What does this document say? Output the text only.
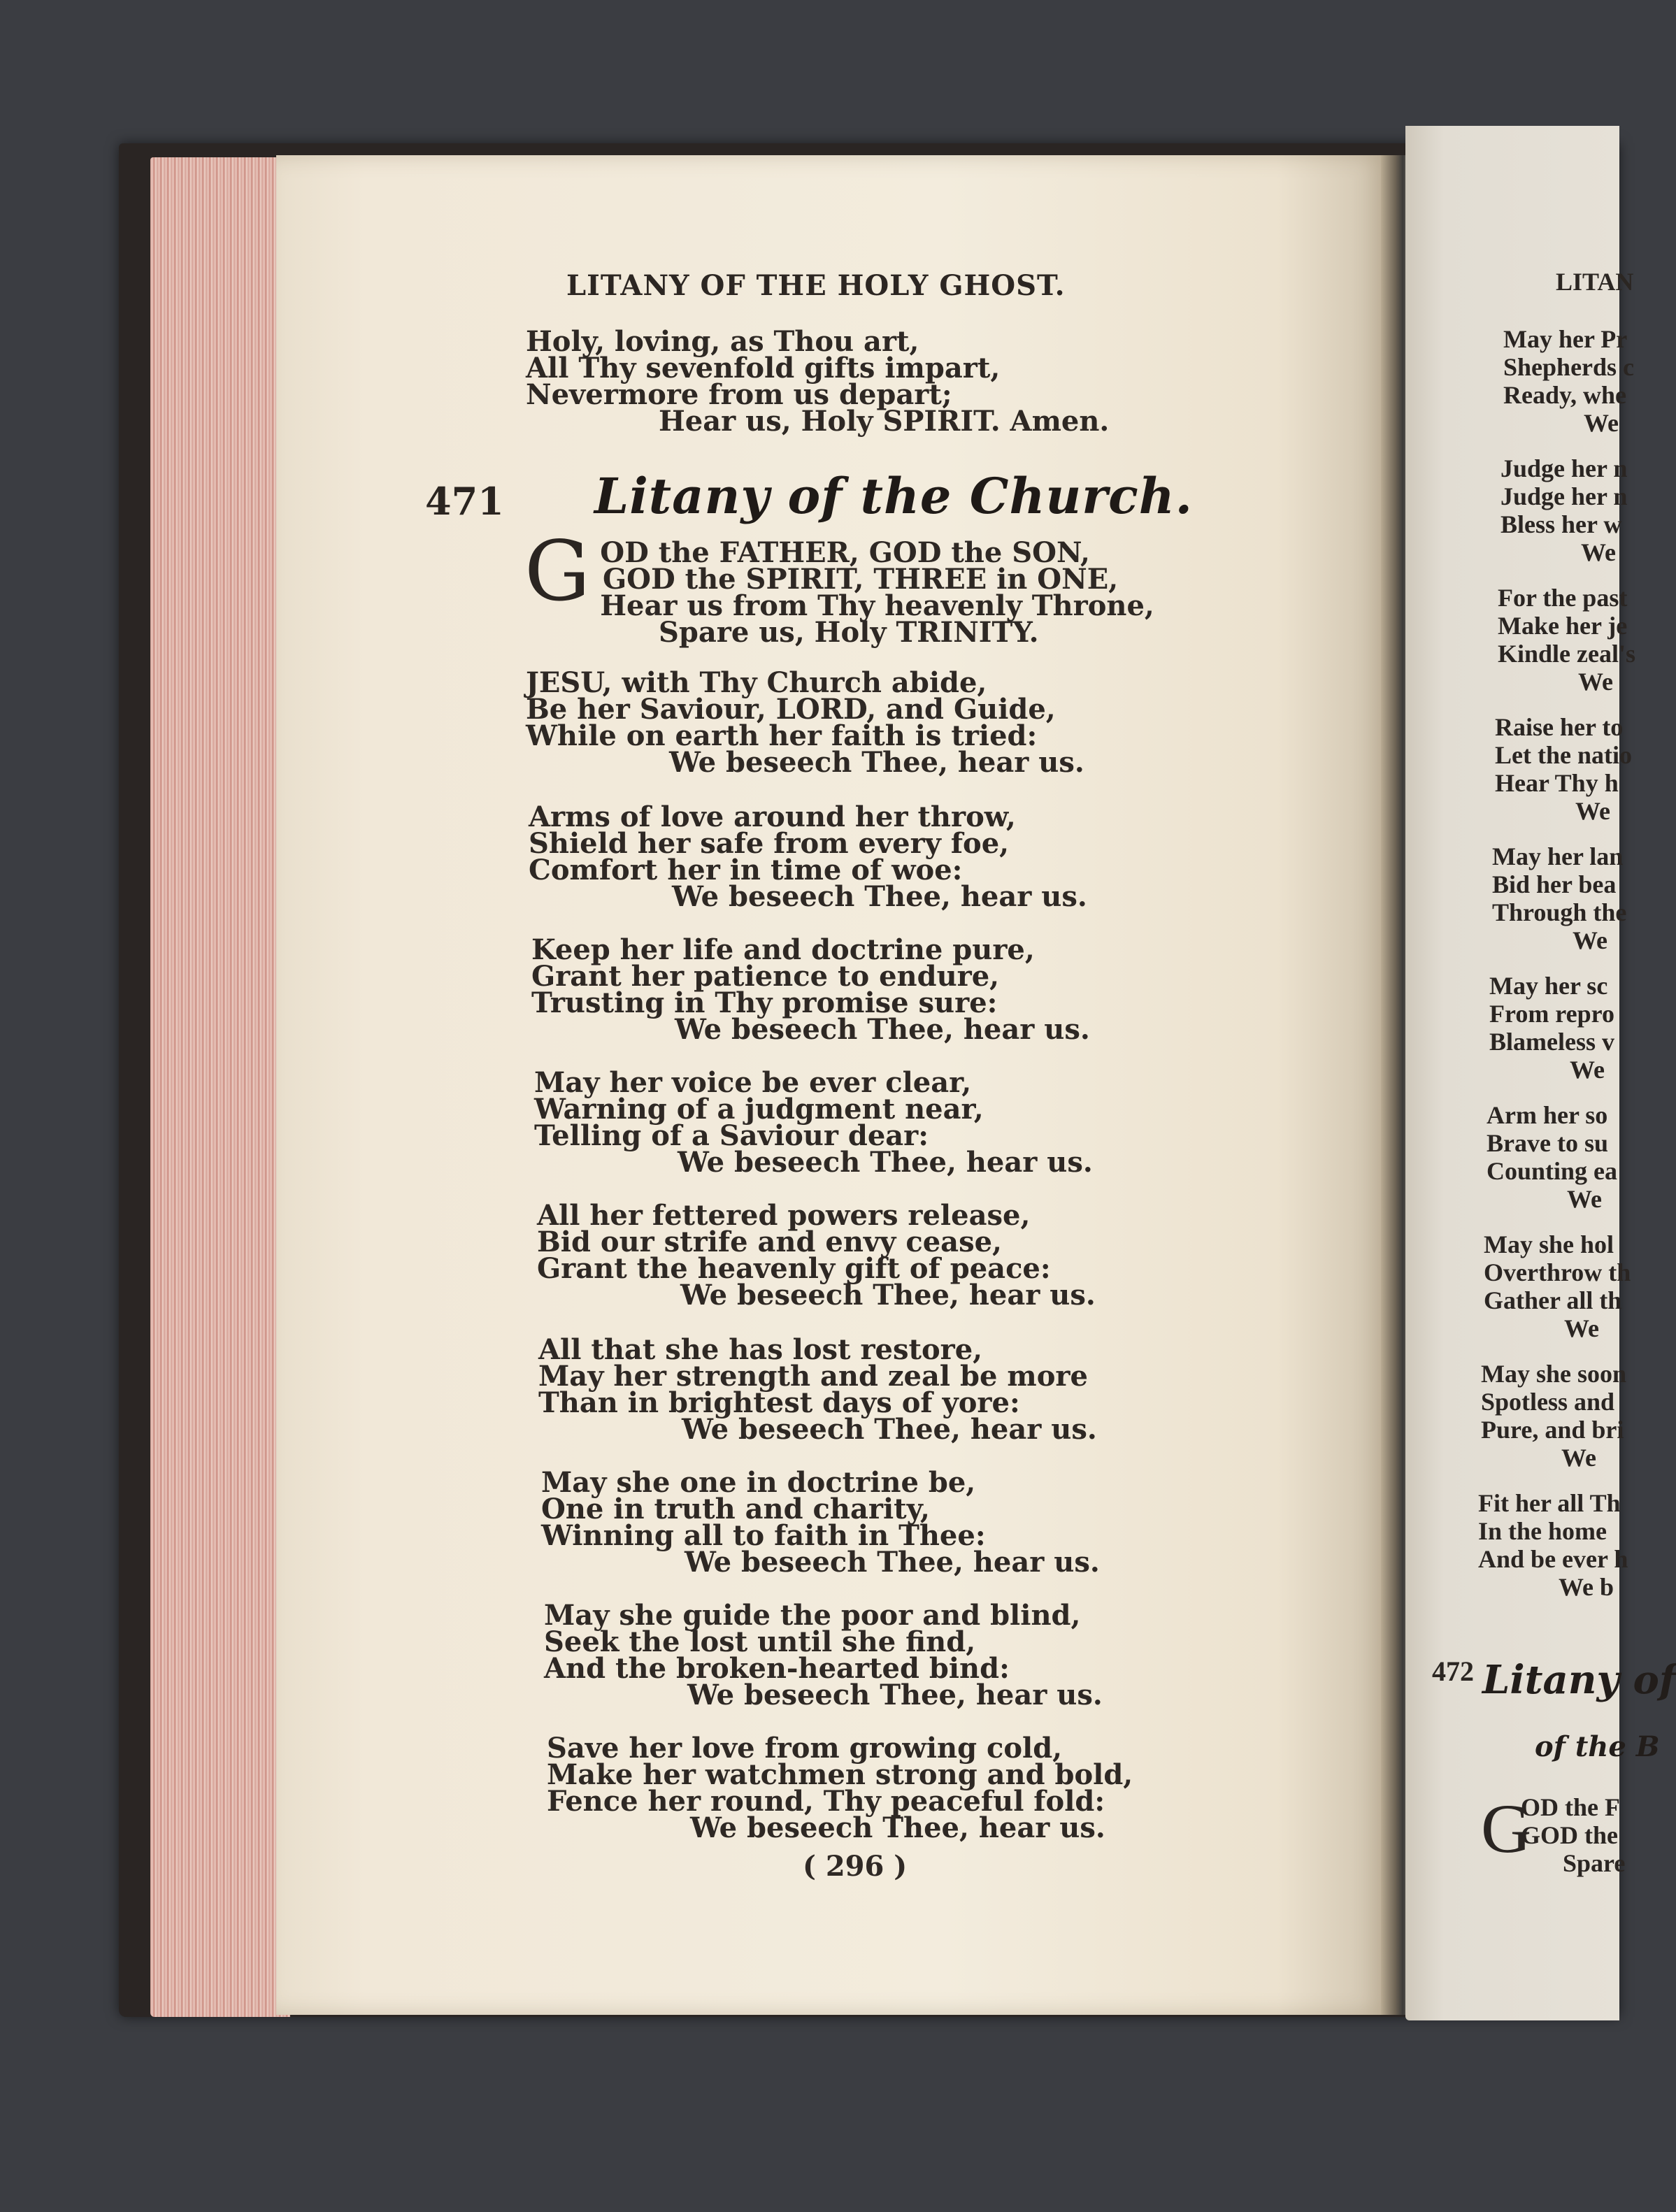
LITANY OF THE HOLY GHOST.
Holy, loving, as Thou art,
All Thy sevenfold gifts impart,
Nevermore from us depart;
Hear us, Holy SPIRIT. Amen.
471 Litany of the Church.
G OD the FATHER, GOD the SON,
GOD the SPIRIT, THREE in ONE,
Hear us from Thy heavenly Throne,
Spare us, Holy TRINITY.
JESU, with Thy Church abide,
Be her Saviour, LORD, and Guide,
While on earth her faith is tried:
We beseech Thee, hear us.
Arms of love around her throw,
Shield her safe from every foe,
Comfort her in time of woe:
We beseech Thee, hear us.
Keep her life and doctrine pure,
Grant her patience to endure,
Trusting in Thy promise sure:
We beseech Thee, hear us.
May her voice be ever clear,
Warning of a judgment near,
Telling of a Saviour dear:
We beseech Thee, hear us.
All her fettered powers release,
Bid our strife and envy cease,
Grant the heavenly gift of peace:
We beseech Thee, hear us.
All that she has lost restore,
May her strength and zeal be more
Than in brightest days of yore:
We beseech Thee, hear us.
May she one in doctrine be,
One in truth and charity,
Winning all to faith in Thee:
We beseech Thee, hear us.
May she guide the poor and blind,
Seek the lost until she find,
And the broken-hearted bind:
We beseech Thee, hear us.
Save her love from growing cold,
Make her watchmen strong and bold,
Fence her round, Thy peaceful fold:
We beseech Thee, hear us.
( 296 )
LITAN
May her Pr
Shepherds c
Ready, whe
We
Judge her n
Judge her n
Bless her w
We
For the past
Make her je
Kindle zeal's
We
Raise her to
Let the natio
Hear Thy h
We
May her lan
Bid her bea
Through the
We
May her sc
From repro
Blameless v
We
Arm her so
Brave to su
Counting ea
We
May she hol
Overthrow th
Gather all th
We
May she soon
Spotless and
Pure, and bri
We
Fit her all Th
In the home
And be ever h
We b
472 Litany of
of the B
G
OD the F
GOD the
Spare
